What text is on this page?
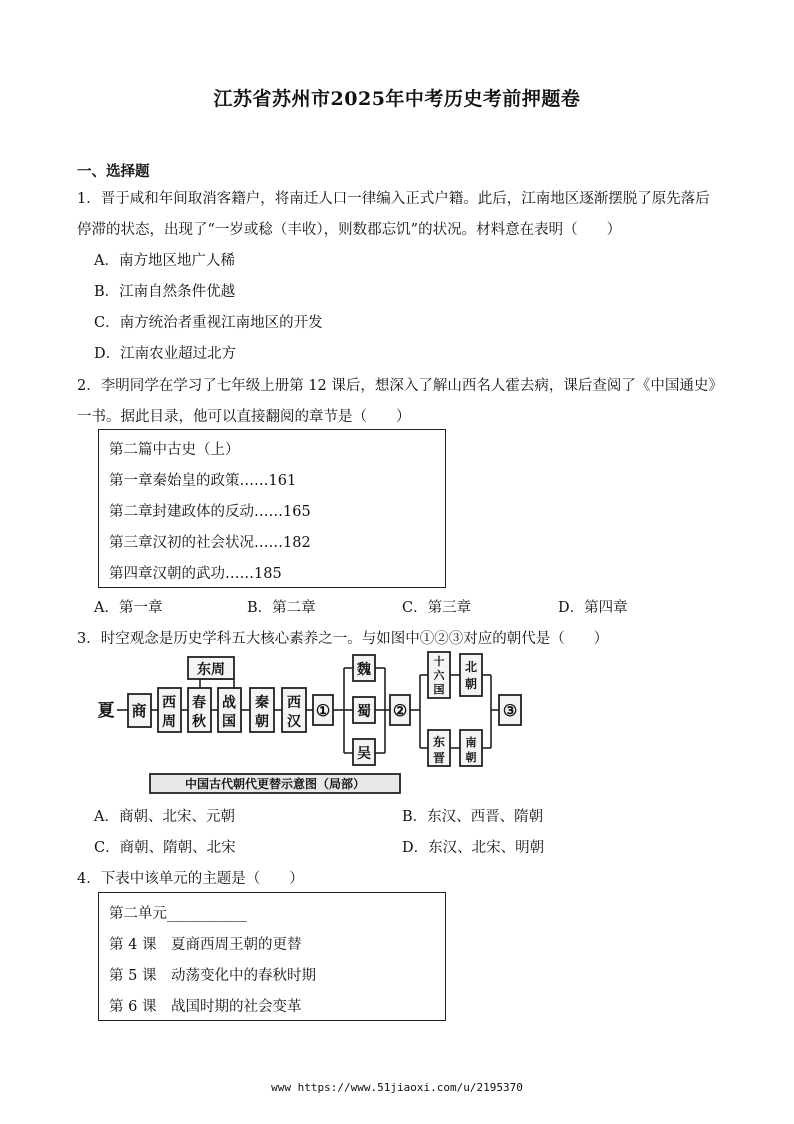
江苏省苏州市2025年中考历史考前押题卷
一、选择题
1．晋于咸和年间取消客籍户，将南迁人口一律编入正式户籍。此后，江南地区逐渐摆脱了原先落后
停滞的状态，出现了“一岁或稔（丰收），则数郡忘饥”的状况。材料意在表明（　　）
A．南方地区地广人稀
B．江南自然条件优越
C．南方统治者重视江南地区的开发
D．江南农业超过北方
2．李明同学在学习了七年级上册第 12 课后，想深入了解山西名人霍去病，课后查阅了《中国通史》
一书。据此目录，他可以直接翻阅的章节是（　　）
第二篇中古史（上）
第一章秦始皇的政策……161
第二章封建政体的反动……165
第三章汉初的社会状况……182
第四章汉朝的武功……185
A．第一章	B．第二章	C．第三章	D．第四章
3．时空观念是历史学科五大核心素养之一。与如图中①②③对应的朝代是（　　）
东周
夏 商 西
周
春
秋
战
国
秦
朝
西
汉
①
魏
蜀
吴
②
十
六
国
北
朝
东
晋
南
朝
③
中国古代朝代更替示意图（局部）
A．商朝、北宋、元朝	B．东汉、西晋、隋朝
C．商朝、隋朝、北宋	D．东汉、北宋、明朝
4．下表中该单元的主题是（　　）
第二单元___________
第 4 课　夏商西周王朝的更替
第 5 课　动荡变化中的春秋时期
第 6 课　战国时期的社会变革
www https://www.51jiaoxi.com/u/2195370
